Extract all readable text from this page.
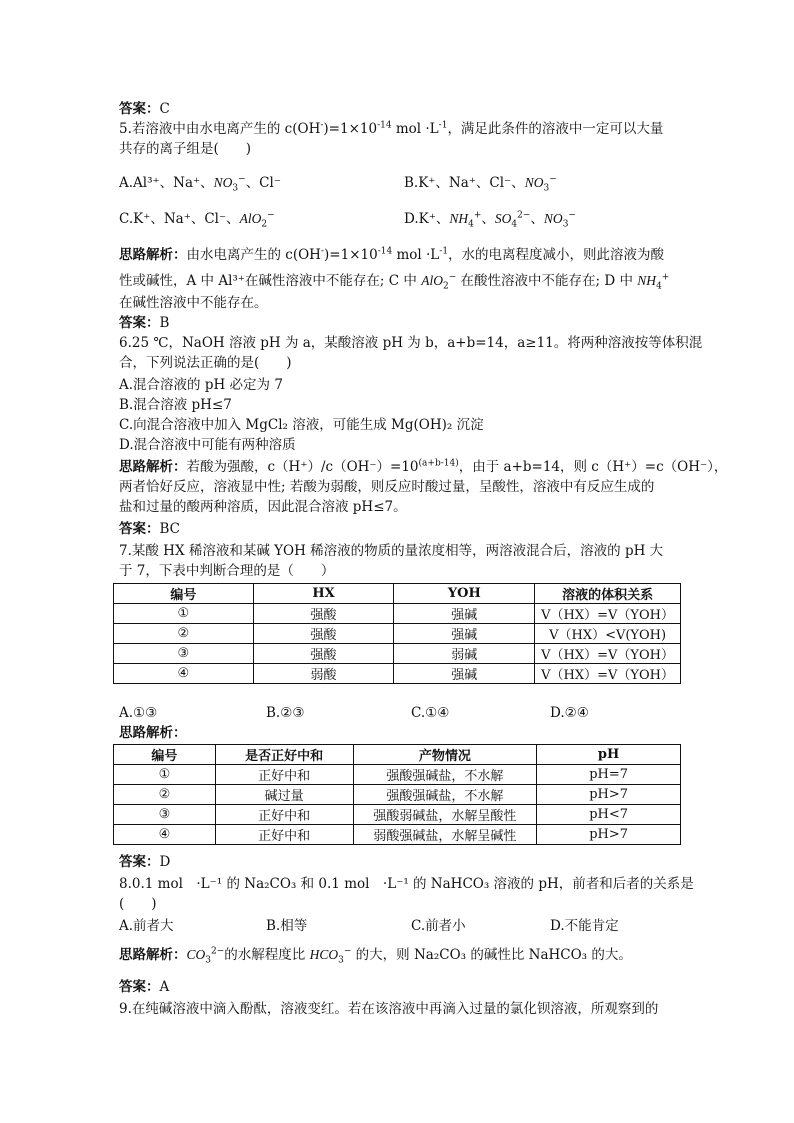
答案：C
5.若溶液中由水电离产生的 $c(OH^-)=1\times 10^{-14}$ mol $\cdot L^{-1}$，满足此条件的溶液中一定可以大量
共存的离子组是(　　)
A.Al³⁺、Na⁺、$NO_3^-$、Cl⁻	B.K⁺、Na⁺、Cl⁻、$NO_3^-$
C.K⁺、Na⁺、Cl⁻、AlO$_2$−	D.K⁺、$NH_4^+$、$SO_4^{2-}$、$NO_3^-$
思路解析：由水电离产生的 $c(OH^-)=1\times 10^{-14}$ mol $\cdot L^{-1}$，水的电离程度减小，则此溶液为酸
性或碱性，A 中 Al³⁺在碱性溶液中不能存在; C 中 AlO$_2$− 在酸性溶液中不能存在; D 中 $NH_4^+$
在碱性溶液中不能存在。
答案：B
6.25 ℃，NaOH 溶液 pH 为 a，某酸溶液 pH 为 b，a+b=14，a≥11。将两种溶液按等体积混
合，下列说法正确的是(　　)
A.混合溶液的 pH 必定为 7
B.混合溶液 pH≤7
C.向混合溶液中加入 MgCl₂ 溶液，可能生成 Mg(OH)₂ 沉淀
D.混合溶液中可能有两种溶质
思路解析：若酸为强酸，$c(H^+)/c(OH^-)=10^{(a+b-14)}$，由于 a+b=14，则 c（H⁺）=c（OH⁻），
两者恰好反应，溶液显中性; 若酸为弱酸，则反应时酸过量，呈酸性，溶液中有反应生成的
盐和过量的酸两种溶质，因此混合溶液 pH≤7。
答案：BC
7.某酸 HX 稀溶液和某碱 YOH 稀溶液的物质的量浓度相等，两溶液混合后，溶液的 pH 大
于 7，下表中判断合理的是（　　）
编号	HX	YOH	溶液的体积关系
①	强酸	强碱	V（HX）=V（YOH）
②	强酸	强碱	V（HX）<V(YOH)
③	强酸	弱碱	V（HX）=V（YOH）
④	弱酸	强碱	V（HX）=V（YOH）
A.①③	B.②③	C.①④	D.②④
思路解析：
编号	是否正好中和	产物情况	pH
①	正好中和	强酸强碱盐，不水解	pH=7
②	碱过量	强酸强碱盐，不水解	pH>7
③	正好中和	强酸弱碱盐，水解呈酸性	pH<7
④	正好中和	弱酸强碱盐，水解呈碱性	pH>7
答案：D
8.0.1 mol　·L⁻¹ 的 Na₂CO₃ 和 0.1 mol　·L⁻¹ 的 NaHCO₃ 溶液的 pH，前者和后者的关系是
(　　)
A.前者大	B.相等	C.前者小	D.不能肯定
思路解析：$CO_3^{2-}$的水解程度比 $HCO_3^-$ 的大，则 Na₂CO₃ 的碱性比 NaHCO₃ 的大。
答案：A
9.在纯碱溶液中滴入酚酞，溶液变红。若在该溶液中再滴入过量的氯化钡溶液，所观察到的
